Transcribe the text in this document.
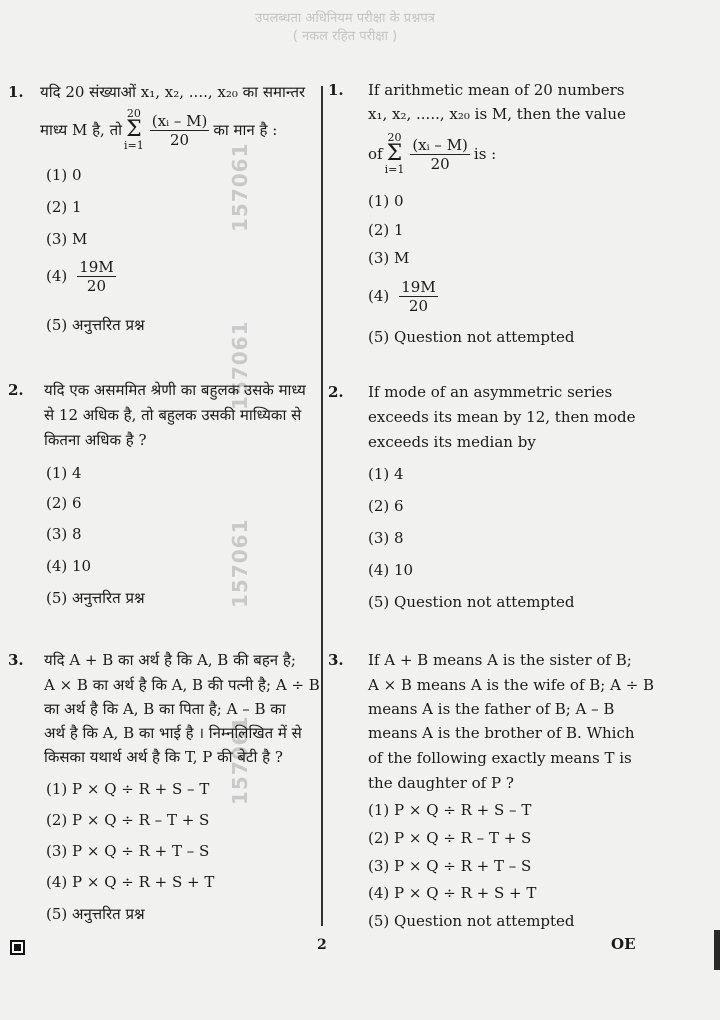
उपलब्धता अधिनियम परीक्षा के प्रश्नपत्र
( नकल रहित परीक्षा )
157061
157061
157061
157061
1. यदि 20 संख्याओं x₁, x₂, ...., x₂₀ का समान्तर
माध्य M है, तो
20
Σ
$i=1 \frac{\text{(xᵢ – M)}}{20}$ का मान है :
(1) 0
(2) 1
(3) M
$(4) \frac{19M}{20}$
(5) अनुत्तरित प्रश्न
2. यदि एक असममित श्रेणी का बहुलक उसके माध्य
से 12 अधिक है, तो बहुलक उसकी माध्यिका से
कितना अधिक है ?
(1) 4
(2) 6
(3) 8
(4) 10
(5) अनुत्तरित प्रश्न
3. यदि A + B का अर्थ है कि A, B की बहन है;
A × B का अर्थ है कि A, B की पत्नी है; A ÷ B
का अर्थ है कि A, B का पिता है; A – B का
अर्थ है कि A, B का भाई है । निम्नलिखित में से
किसका यथार्थ अर्थ है कि T, P की बेटी है ?
(1) P × Q ÷ R + S – T
(2) P × Q ÷ R – T + S
(3) P × Q ÷ R + T – S
(4) P × Q ÷ R + S + T
(5) अनुत्तरित प्रश्न
1. If arithmetic mean of 20 numbers
x₁, x₂, ....., x₂₀ is M, then the value
of
20
Σ
$i=1 \frac{\text{(xᵢ – M)}}{20}$ is :
(1) 0
(2) 1
(3) M
$(4) \frac{19M}{20}$
(5) Question not attempted
2. If mode of an asymmetric series
exceeds its mean by 12, then mode
exceeds its median by
(1) 4
(2) 6
(3) 8
(4) 10
(5) Question not attempted
3. If A + B means A is the sister of B;
A × B means A is the wife of B; A ÷ B
means A is the father of B; A – B
means A is the brother of B. Which
of the following exactly means T is
the daughter of P ?
(1) P × Q ÷ R + S – T
(2) P × Q ÷ R – T + S
(3) P × Q ÷ R + T – S
(4) P × Q ÷ R + S + T
(5) Question not attempted
2	OE
